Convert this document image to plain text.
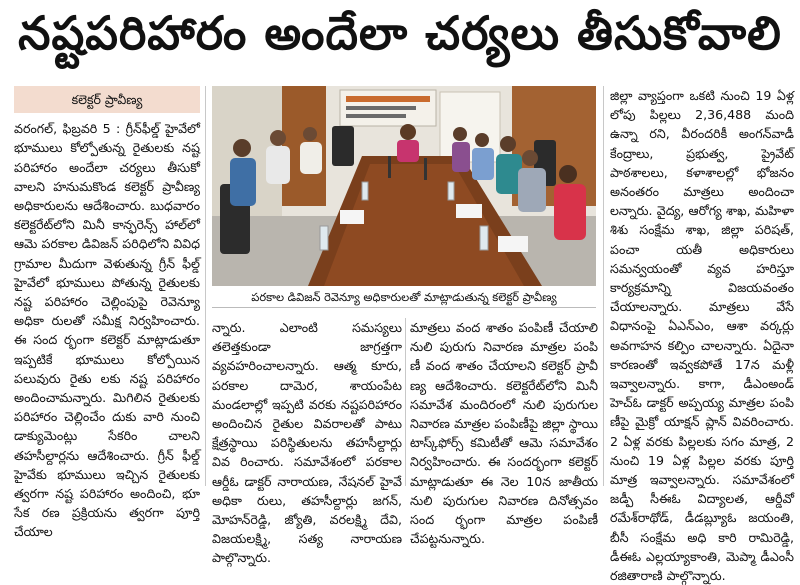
నష్టపరిహారం అందేలా చర్యలు తీసుకోవాలి
కలెక్టర్ ప్రావీణ్య

వరంగల్, ఫిబ్రవరి 5 : గ్రీన్‌ఫీల్డ్ హైవేలో భూములు కోల్పోతున్న రైతులకు నష్ట పరిహారం అందేలా చర్యలు తీసుకో వాలని హనుమకొండ కలెక్టర్ ప్రావీణ్య అధికారులను ఆదేశించారు. బుధవారం కలెక్టరేట్‌లోని మినీ కాన్ఫరెన్స్ హాల్‌లో ఆమె పరకాల డివిజన్ పరిధిలోని వివిధ గ్రామాల మీదుగా వెళుతున్న గ్రీన్ ఫీల్డ్ హైవేలో భూములు పోతున్న రైతులకు నష్ట పరిహారం చెల్లింపుపై రెవెన్యూ అధికా రులతో సమీక్ష నిర్వహించారు. ఈ సంద ర్భంగా కలెక్టర్ మాట్లాడుతూ ఇప్పటికే భూములు కోల్పోయిన పలువురు రైతు లకు నష్ట పరిహారం అందించామన్నారు. మిగిలిన రైతులకు పరిహారం చెల్లించేం దుకు వారి నుంచి డాక్యుమెంట్లు సేకరిం చాలని తహసీల్దార్లను ఆదేశించారు. గ్రీన్ ఫీల్డ్ హైవేకు భూములు ఇచ్చిన రైతులకు త్వరగా నష్ట పరిహారం అందించి, భూ సేక రణ ప్రక్రియను త్వరగా పూర్తి చేయాల

పరకాల డివిజన్ రెవెన్యూ అధికారులతో మాట్లాడుతున్న కలెక్టర్ ప్రావీణ్య

న్నారు. ఎలాంటి సమస్యలు తలెత్తకుండా జాగ్రత్తగా వ్యవహరించాలన్నారు. ఆత్మ కూరు, పరకాల దామెర, శాయంపేట మండలాల్లో ఇప్పటి వరకు నష్టపరిహారం అందించిన రైతుల వివరాలతో పాటు క్షేత్రస్థాయి పరిస్థితులను తహసీల్దార్లు వివ రించారు. సమావేశంలో పరకాల ఆర్డీఓ డాక్టర్ నారాయణ, నేషనల్ హైవే అధికా రులు, తహసీల్దార్లు జగన్, మోహన్‌రెడ్డి, జ్యోతి, వరలక్ష్మి దేవి, విజయలక్ష్మి, సత్య నారాయణ పాల్గొన్నారు.

మాత్రలు వంద శాతం పంపిణీ చేయాలి నులి పురుగు నివారణ మాత్రల పంపి ణీ వంద శాతం చేయాలని కలెక్టర్ ప్రావీ ణ్య ఆదేశించారు. కలెక్టరేట్‌లోని మినీ సమావేశ మందిరంలో నులి పురుగుల నివారణ మాత్రల పంపిణీపై జిల్లా స్థాయి టాస్క్‌ఫోర్స్ కమిటీతో ఆమె సమావేశం నిర్వహించారు. ఈ సందర్భంగా కలెక్టర్ మాట్లాడుతూ ఈ నెల 10న జాతీయ నులి పురుగుల నివారణ దినోత్సవం సంద ర్భంగా మాత్రల పంపిణీ చేపట్టనున్నారు.

జిల్లా వ్యాప్తంగా ఒకటి నుంచి 19 ఏళ్ల లోపు పిల్లలు 2,36,488 మంది ఉన్నా రని, వీరందరికీ అంగన్‌వాడీ కేంద్రాలు, ప్రభుత్వ, ప్రైవేట్ పాఠశాలలు, కళాశాలల్లో భోజనం అనంతరం మాత్రలు అందించా లన్నారు. వైద్య, ఆరోగ్య శాఖ, మహిళా శిశు సంక్షేమ శాఖ, జిల్లా పరిషత్, పంచా యతీ అధికారులు సమన్వయంతో వ్యవ హరిస్తూ కార్యక్రమాన్ని విజయవంతం చేయాలన్నారు. మాత్రలు వేసే విధానంపై ఏఎన్ఎం, ఆశా వర్కర్లు అవగాహన కల్పిం చాలన్నారు. ఏదైనా కారణంతో ఇవ్వకపోతే 17న మళ్లీ ఇవ్వాలన్నారు. కాగా, డీఎంఅండ్ హెచ్‌ఓ డాక్టర్ అప్పయ్య మాత్రల పంపి ణీపై మైక్రో యాక్షన్ ప్లాన్ వివరించారు. 2 ఏళ్ల వరకు పిల్లలకు సగం మాత్ర, 2 నుంచి 19 ఏళ్ల పిల్లల వరకు పూర్తి మాత్ర ఇవ్వాలన్నారు. సమావేశంలో జడ్పీ సీఈఓ విద్యాలత, ఆర్డీవో రమేశ్‌రాథోడ్, డీడబ్ల్యూఓ జయంతి, బీసీ సంక్షేమ అధి కారి రామిరెడ్డి, డీఈఓ ఎల్లయ్యాకాంతి, మెప్మా డీఎంసీ రజితారాణి పాల్గొన్నారు.
